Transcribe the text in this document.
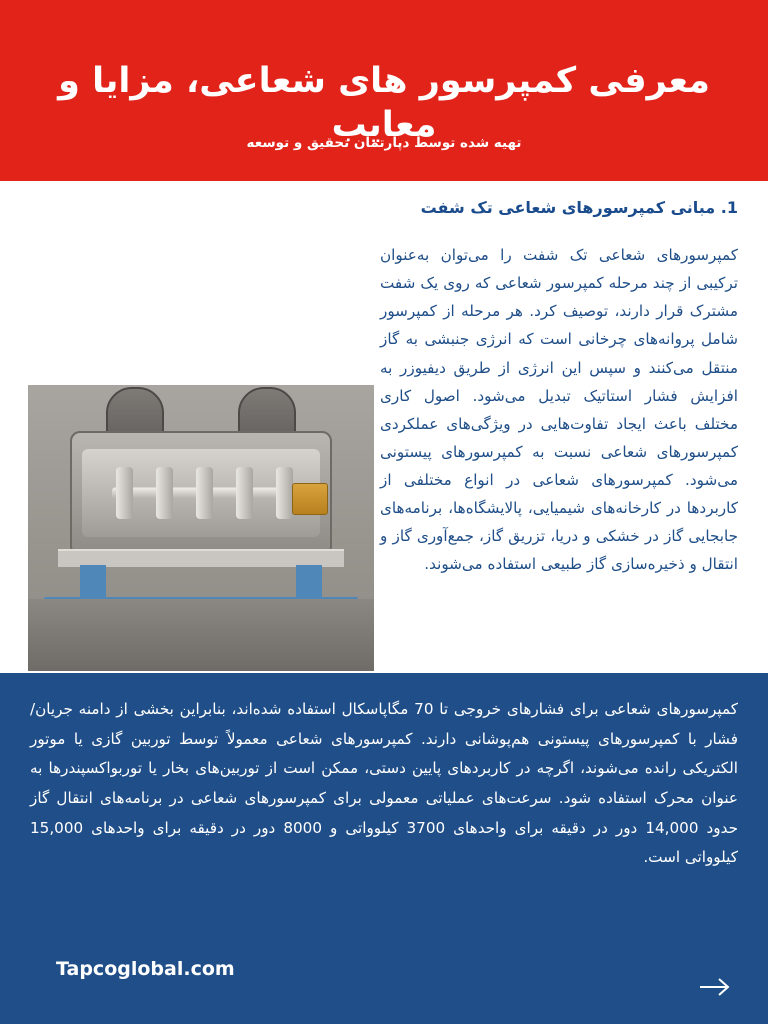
معرفی کمپرسور های شعاعی، مزایا و معایب
تهیه شده توسط دپارتمان تحقیق و توسعه
1. مبانی کمپرسورهای شعاعی تک شفت
کمپرسورهای شعاعی تک شفت را می‌توان به‌عنوان ترکیبی از چند مرحله کمپرسور شعاعی که روی یک شفت مشترک قرار دارند، توصیف کرد. هر مرحله از کمپرسور شامل پروانه‌های چرخانی است که انرژی جنبشی به گاز منتقل می‌کنند و سپس این انرژی از طریق دیفیوزر به افزایش فشار استاتیک تبدیل می‌شود. اصول کاری مختلف باعث ایجاد تفاوت‌هایی در ویژگی‌های عملکردی کمپرسورهای شعاعی نسبت به کمپرسورهای پیستونی می‌شود. کمپرسورهای شعاعی در انواع مختلفی از کاربردها در کارخانه‌های شیمیایی، پالایشگاه‌ها، برنامه‌های جابجایی گاز در خشکی و دریا، تزریق گاز، جمع‌آوری گاز و انتقال و ذخیره‌سازی گاز طبیعی استفاده می‌شوند.
کمپرسورهای شعاعی برای فشارهای خروجی تا 70 مگاپاسکال استفاده شده‌اند، بنابراین بخشی از دامنه جریان/فشار با کمپرسورهای پیستونی هم‌پوشانی دارند. کمپرسورهای شعاعی معمولاً توسط توربین گازی یا موتور الکتریکی رانده می‌شوند، اگرچه در کاربردهای پایین دستی، ممکن است از توربین‌های بخار یا توربواکسپندرها به عنوان محرک استفاده شود. سرعت‌های عملیاتی معمولی برای کمپرسورهای شعاعی در برنامه‌های انتقال گاز حدود 14,000 دور در دقیقه برای واحدهای 3700 کیلوواتی و 8000 دور در دقیقه برای واحدهای 15,000 کیلوواتی است.
Tapcoglobal.com
